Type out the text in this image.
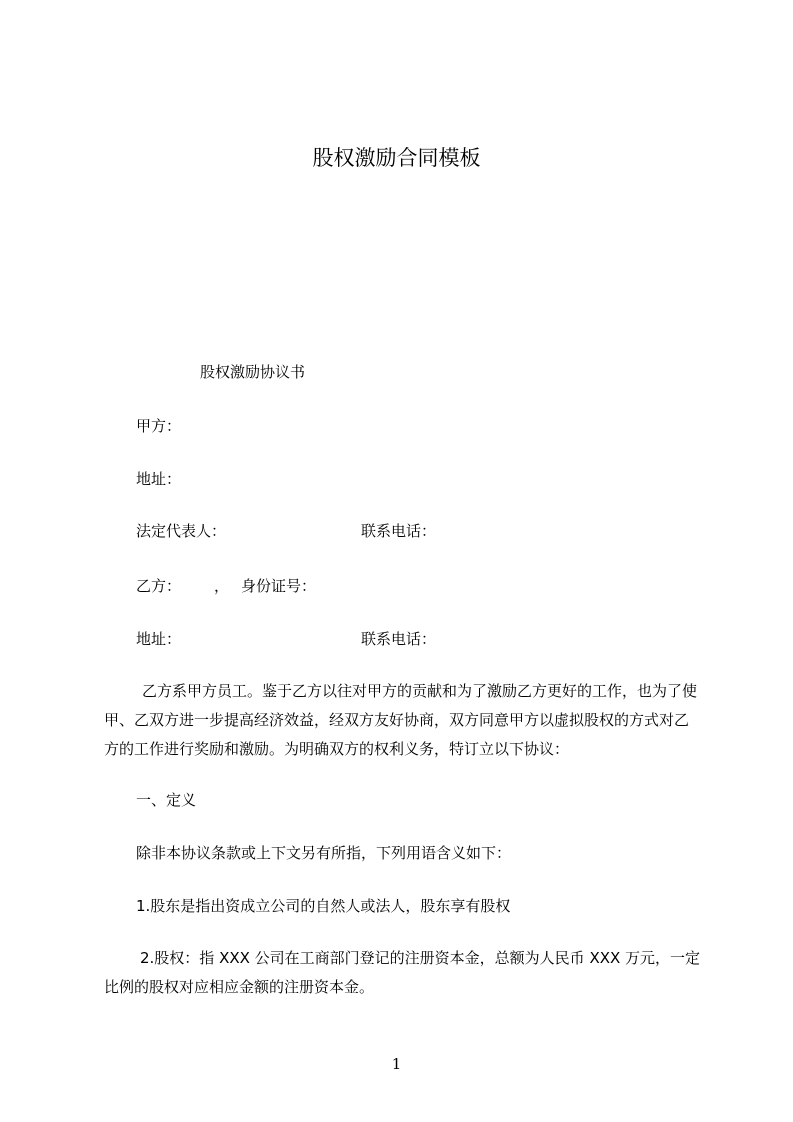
股权激励合同模板
股权激励协议书
甲方：
地址：
法定代表人：	联系电话：
乙方： ， 身份证号：
地址：	联系电话：
乙方系甲方员工。鉴于乙方以往对甲方的贡献和为了激励乙方更好的工作，也为了使甲、乙双方进一步提高经济效益，经双方友好协商，双方同意甲方以虚拟股权的方式对乙方的工作进行奖励和激励。为明确双方的权利义务，特订立以下协议：
一、定义
除非本协议条款或上下文另有所指，下列用语含义如下：
1.股东是指出资成立公司的自然人或法人，股东享有股权
2.股权：指 XXX 公司在工商部门登记的注册资本金，总额为人民币 XXX 万元，一定比例的股权对应相应金额的注册资本金。
1
